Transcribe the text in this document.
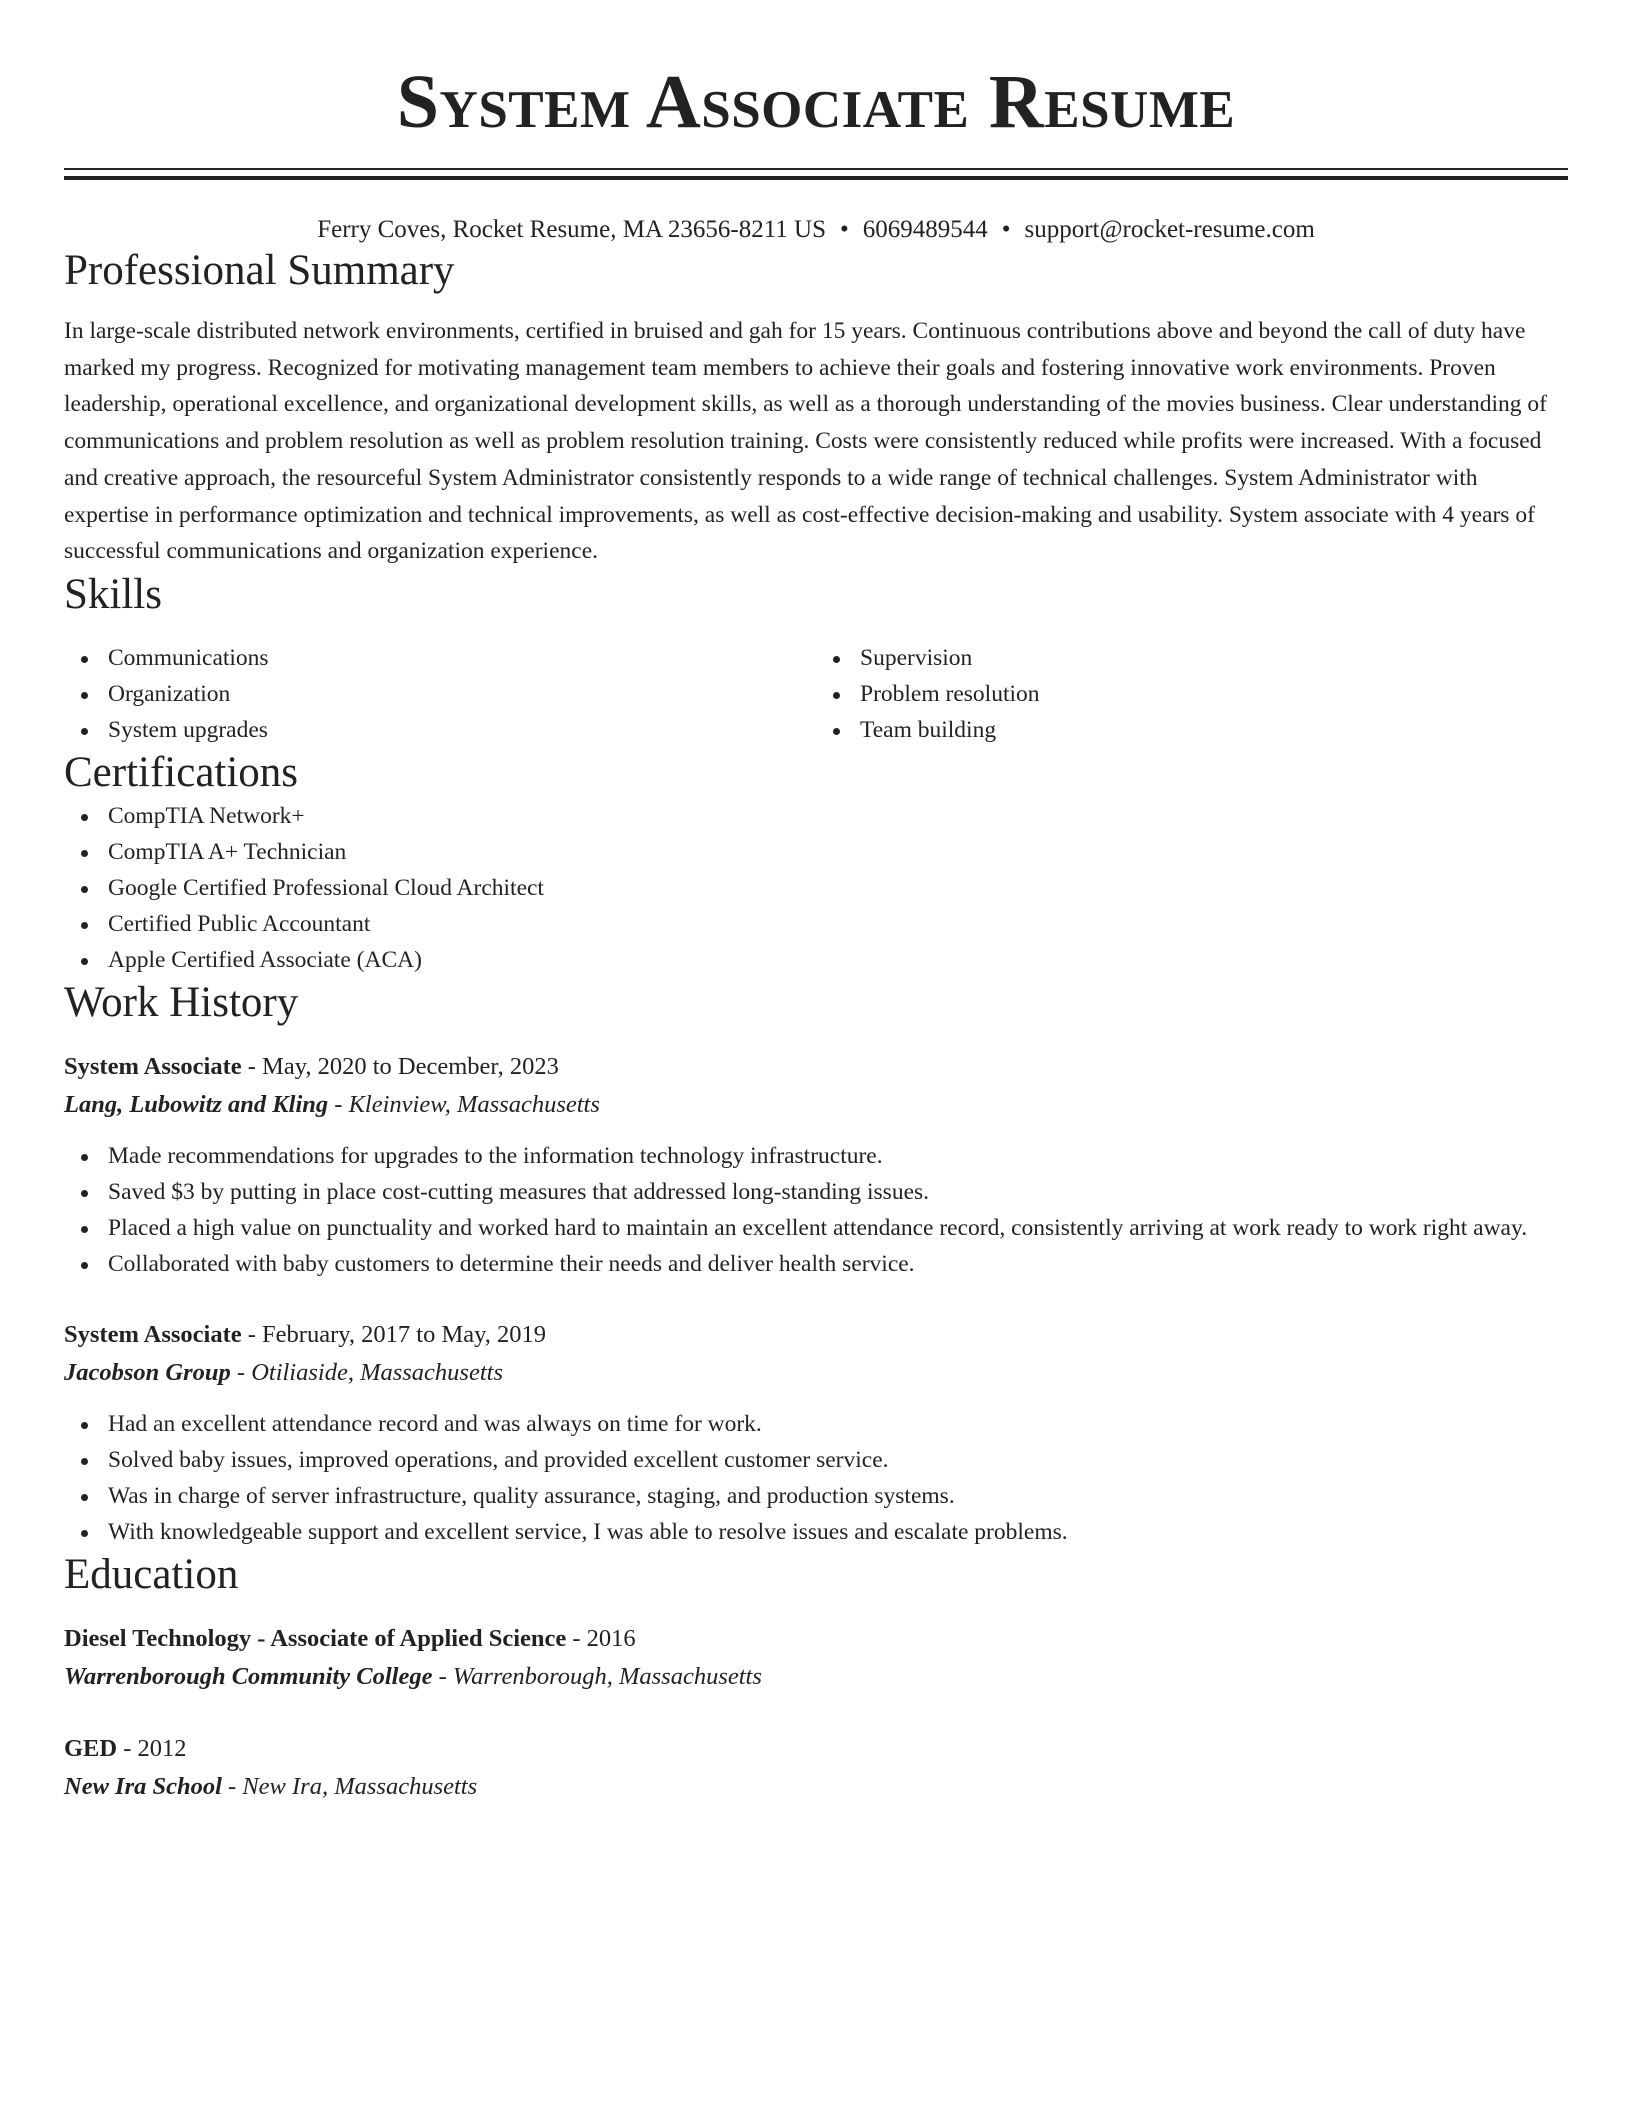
System Associate Resume
Ferry Coves, Rocket Resume, MA 23656-8211 US • 6069489544 • support@rocket-resume.com
Professional Summary

In large-scale distributed network environments, certified in bruised and gah for 15 years. Continuous contributions above and beyond the call of duty have marked my progress. Recognized for motivating management team members to achieve their goals and fostering innovative work environments. Proven leadership, operational excellence, and organizational development skills, as well as a thorough understanding of the movies business. Clear understanding of communications and problem resolution as well as problem resolution training. Costs were consistently reduced while profits were increased. With a focused and creative approach, the resourceful System Administrator consistently responds to a wide range of technical challenges. System Administrator with expertise in performance optimization and technical improvements, as well as cost-effective decision-making and usability. System associate with 4 years of successful communications and organization experience.

Skills
Communications
Organization
System upgrades
Supervision
Problem resolution
Team building
Certifications
CompTIA Network+
CompTIA A+ Technician
Google Certified Professional Cloud Architect
Certified Public Accountant
Apple Certified Associate (ACA)
Work History
System Associate - May, 2020 to December, 2023
Lang, Lubowitz and Kling - Kleinview, Massachusetts
Made recommendations for upgrades to the information technology infrastructure.
Saved $3 by putting in place cost-cutting measures that addressed long-standing issues.
Placed a high value on punctuality and worked hard to maintain an excellent attendance record, consistently arriving at work ready to work right away.
Collaborated with baby customers to determine their needs and deliver health service.
System Associate - February, 2017 to May, 2019
Jacobson Group - Otiliaside, Massachusetts
Had an excellent attendance record and was always on time for work.
Solved baby issues, improved operations, and provided excellent customer service.
Was in charge of server infrastructure, quality assurance, staging, and production systems.
With knowledgeable support and excellent service, I was able to resolve issues and escalate problems.
Education
Diesel Technology - Associate of Applied Science - 2016
Warrenborough Community College - Warrenborough, Massachusetts
GED - 2012
New Ira School - New Ira, Massachusetts
